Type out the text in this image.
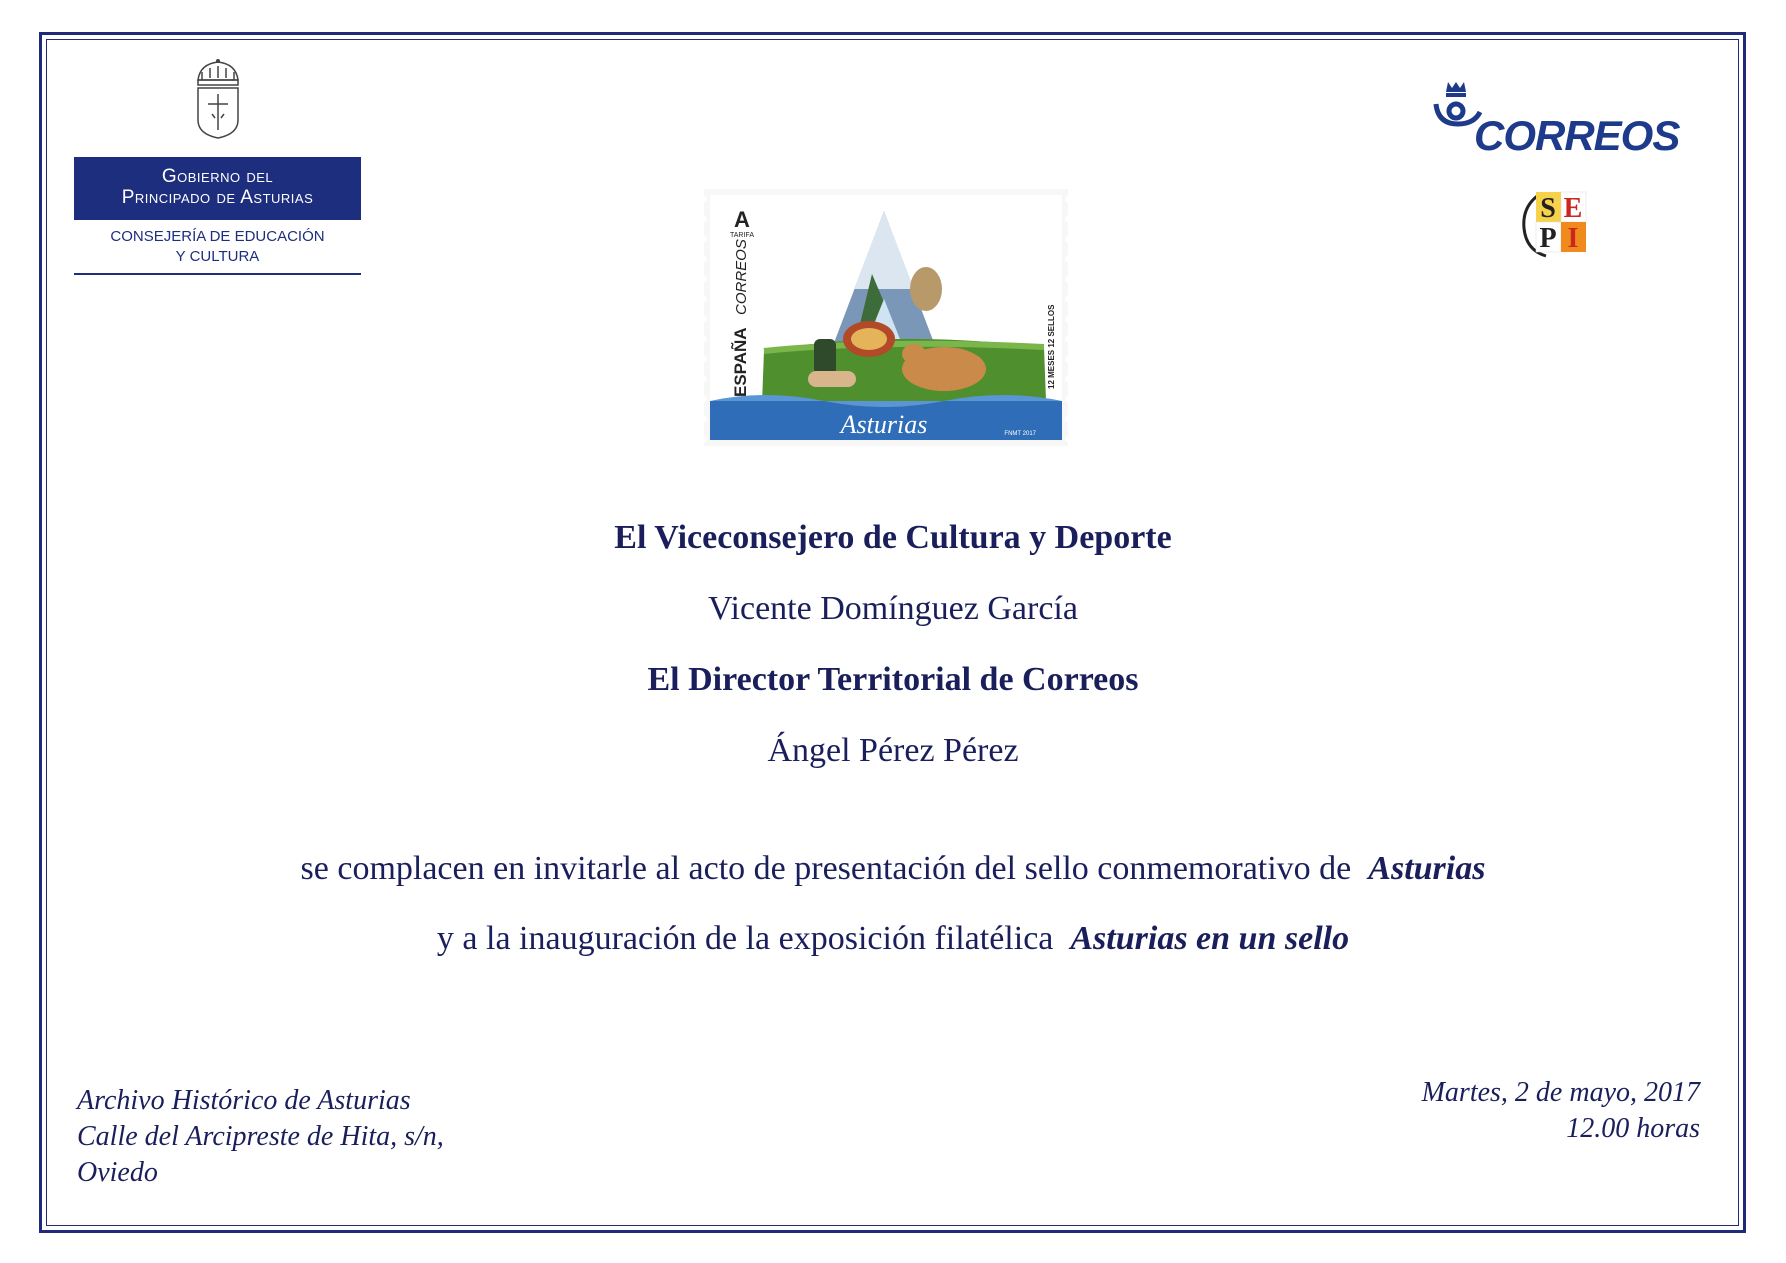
Gobierno del
Principado de Asturias
CONSEJERÍA DE EDUCACIÓN
Y CULTURA
CORREOS
S E
P I
Asturias	FNMT 2017
A
TARIFA
ESPAÑA
CORREOS
12 MESES 12 SELLOS
El Viceconsejero de Cultura y Deporte
Vicente Domínguez García
El Director Territorial de Correos
Ángel Pérez Pérez
se complacen en invitarle al acto de presentación del sello conmemorativo de Asturias
y a la inauguración de la exposición filatélica Asturias en un sello
Archivo Histórico de Asturias
Calle del Arcipreste de Hita, s/n,
Oviedo
Martes, 2 de mayo, 2017
12.00 horas
